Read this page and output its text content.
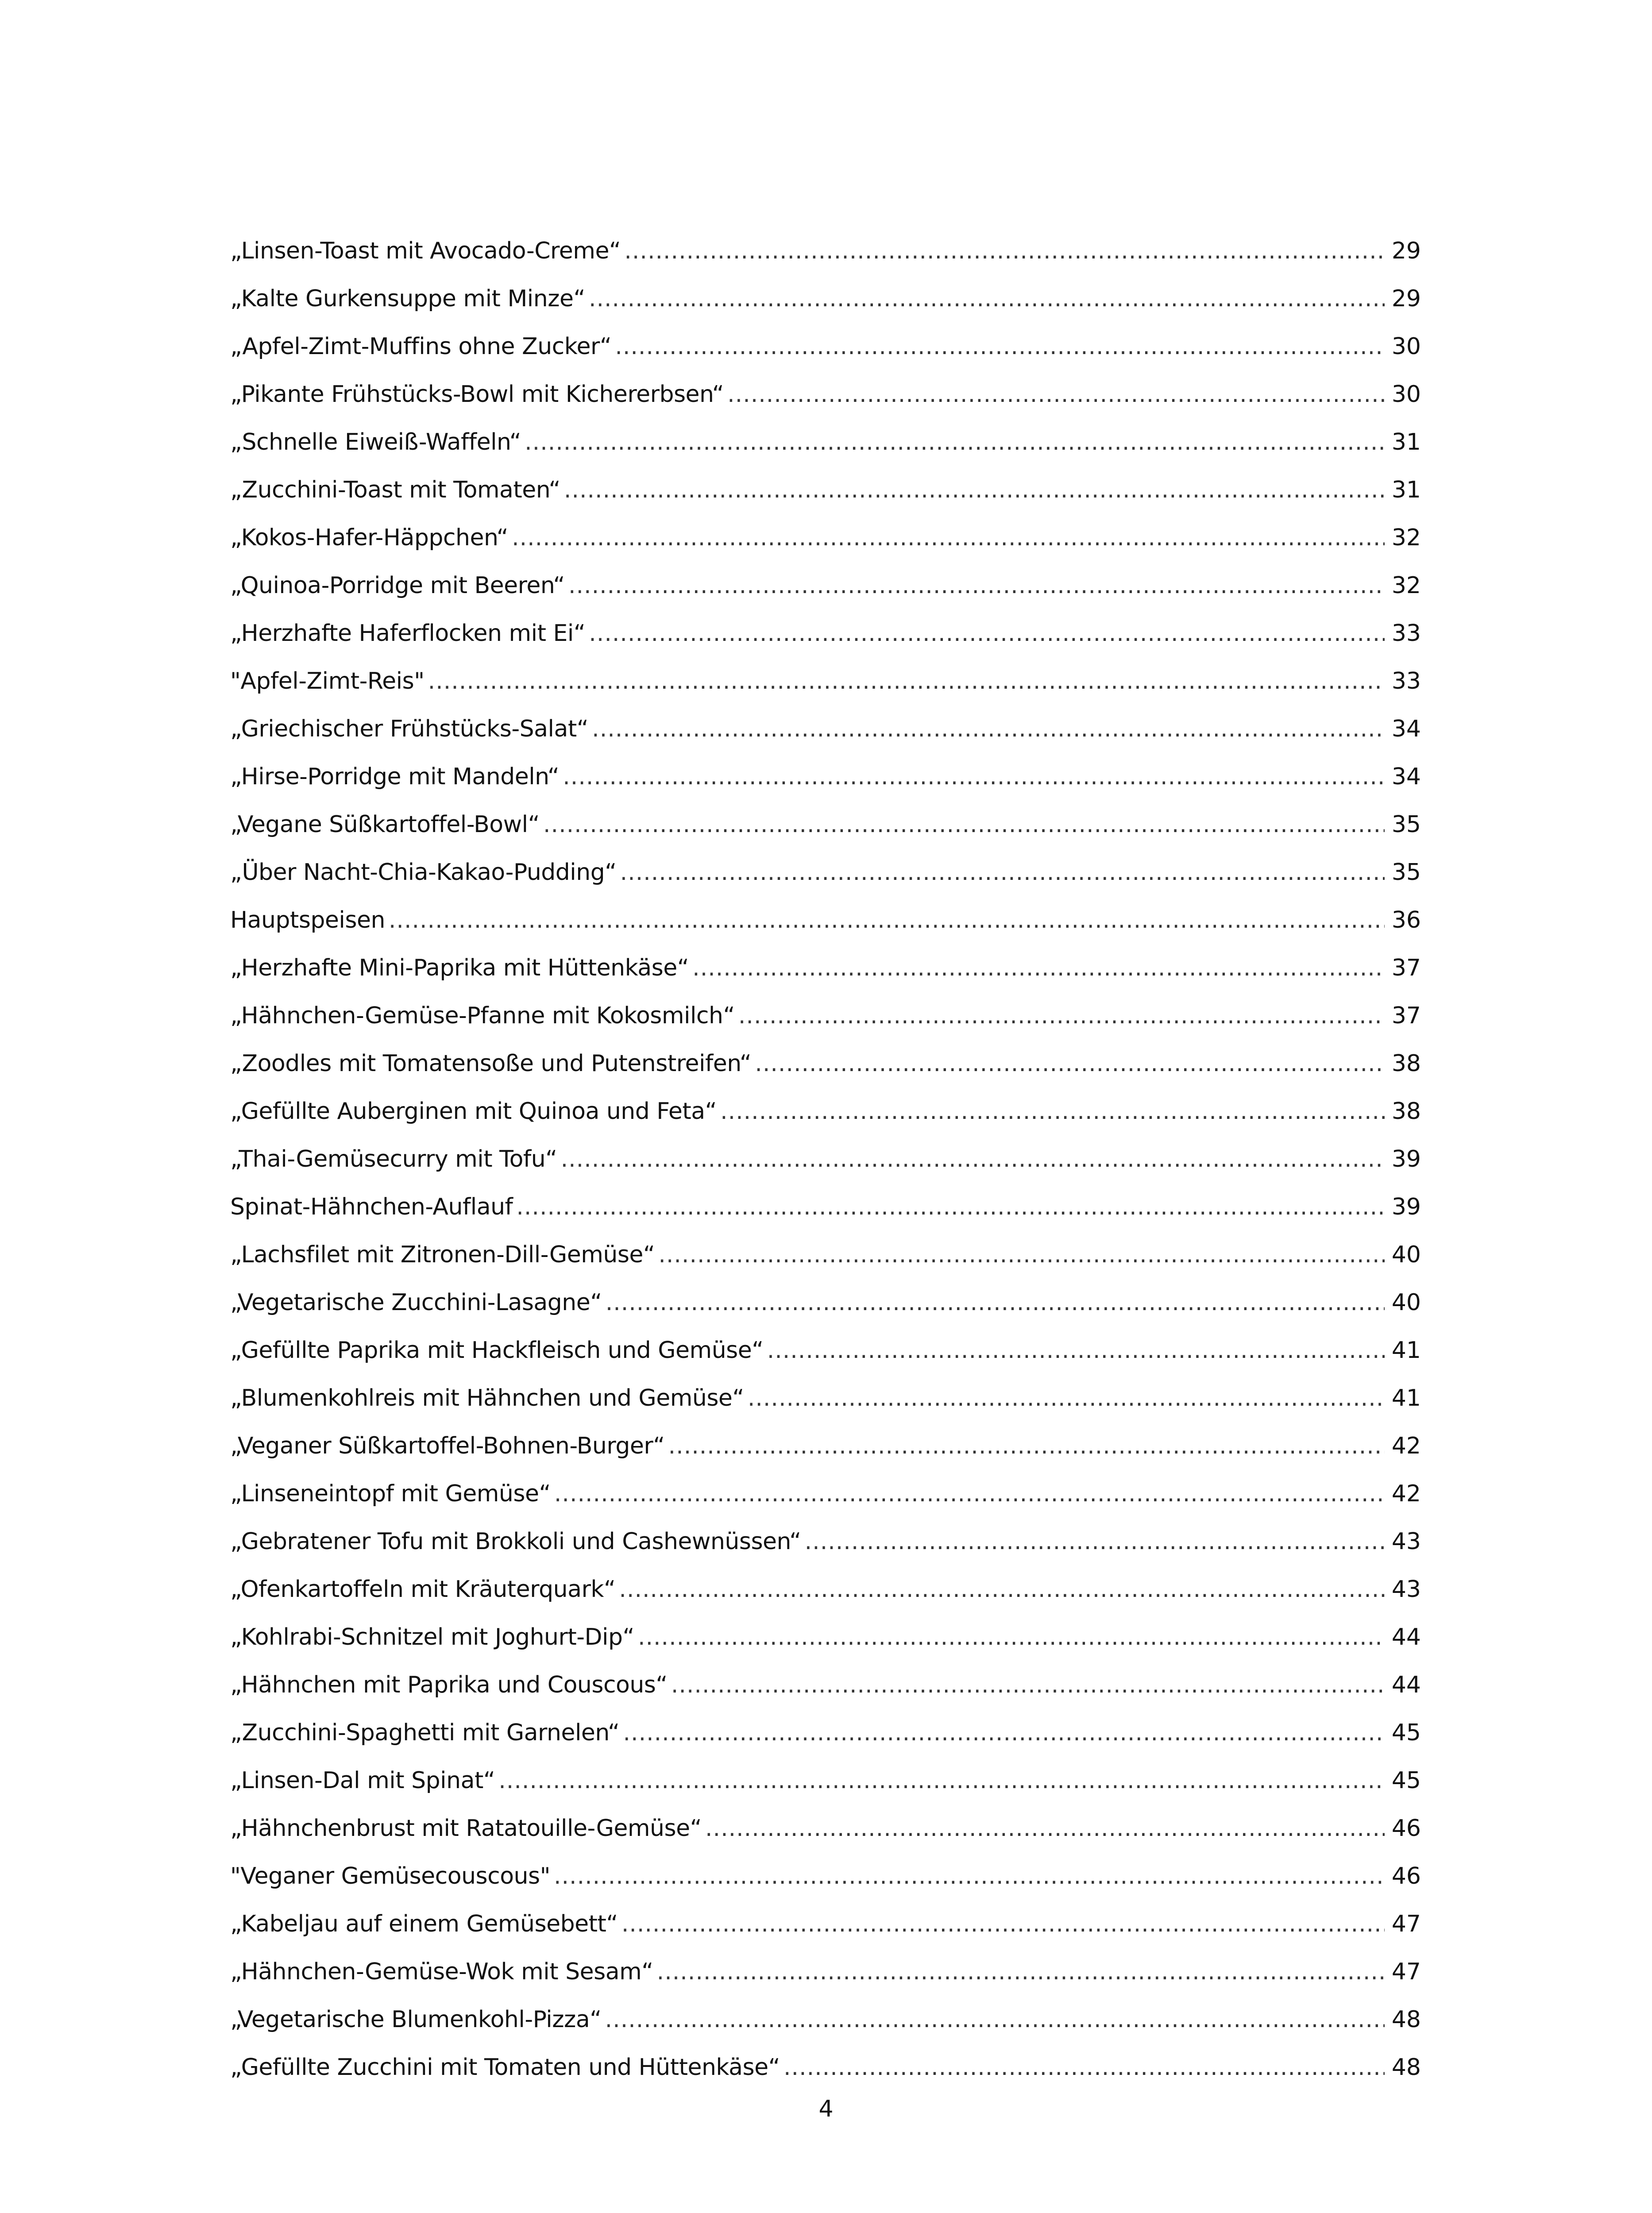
„Linsen-Toast mit Avocado-Creme“ .....	29
„Kalte Gurkensuppe mit Minze“ .....	29
„Apfel-Zimt-Muffins ohne Zucker“ .....	30
„Pikante Frühstücks-Bowl mit Kichererbsen“ .....	30
„Schnelle Eiweiß-Waffeln“ .....	31
„Zucchini-Toast mit Tomaten“ .....	31
„Kokos-Hafer-Häppchen“ .....	32
„Quinoa-Porridge mit Beeren“ .....	32
„Herzhafte Haferflocken mit Ei“ .....	33
"Apfel-Zimt-Reis" .....	33
„Griechischer Frühstücks-Salat“ .....	34
„Hirse-Porridge mit Mandeln“ .....	34
„Vegane Süßkartoffel-Bowl“ .....	35
„Über Nacht-Chia-Kakao-Pudding“ .....	35
Hauptspeisen .....	36
„Herzhafte Mini-Paprika mit Hüttenkäse“ .....	37
„Hähnchen-Gemüse-Pfanne mit Kokosmilch“ .....	37
„Zoodles mit Tomatensoße und Putenstreifen“ .....	38
„Gefüllte Auberginen mit Quinoa und Feta“ .....	38
„Thai-Gemüsecurry mit Tofu“ .....	39
Spinat-Hähnchen-Auflauf .....	39
„Lachsfilet mit Zitronen-Dill-Gemüse“ .....	40
„Vegetarische Zucchini-Lasagne“ .....	40
„Gefüllte Paprika mit Hackfleisch und Gemüse“ .....	41
„Blumenkohlreis mit Hähnchen und Gemüse“ .....	41
„Veganer Süßkartoffel-Bohnen-Burger“ .....	42
„Linseneintopf mit Gemüse“ .....	42
„Gebratener Tofu mit Brokkoli und Cashewnüssen“ .....	43
„Ofenkartoffeln mit Kräuterquark“ .....	43
„Kohlrabi-Schnitzel mit Joghurt-Dip“ .....	44
„Hähnchen mit Paprika und Couscous“ .....	44
„Zucchini-Spaghetti mit Garnelen“ .....	45
„Linsen-Dal mit Spinat“ .....	45
„Hähnchenbrust mit Ratatouille-Gemüse“ .....	46
"Veganer Gemüsecouscous" .....	46
„Kabeljau auf einem Gemüsebett“ .....	47
„Hähnchen-Gemüse-Wok mit Sesam“ .....	47
„Vegetarische Blumenkohl-Pizza“ .....	48
„Gefüllte Zucchini mit Tomaten und Hüttenkäse“ .....	48
4
